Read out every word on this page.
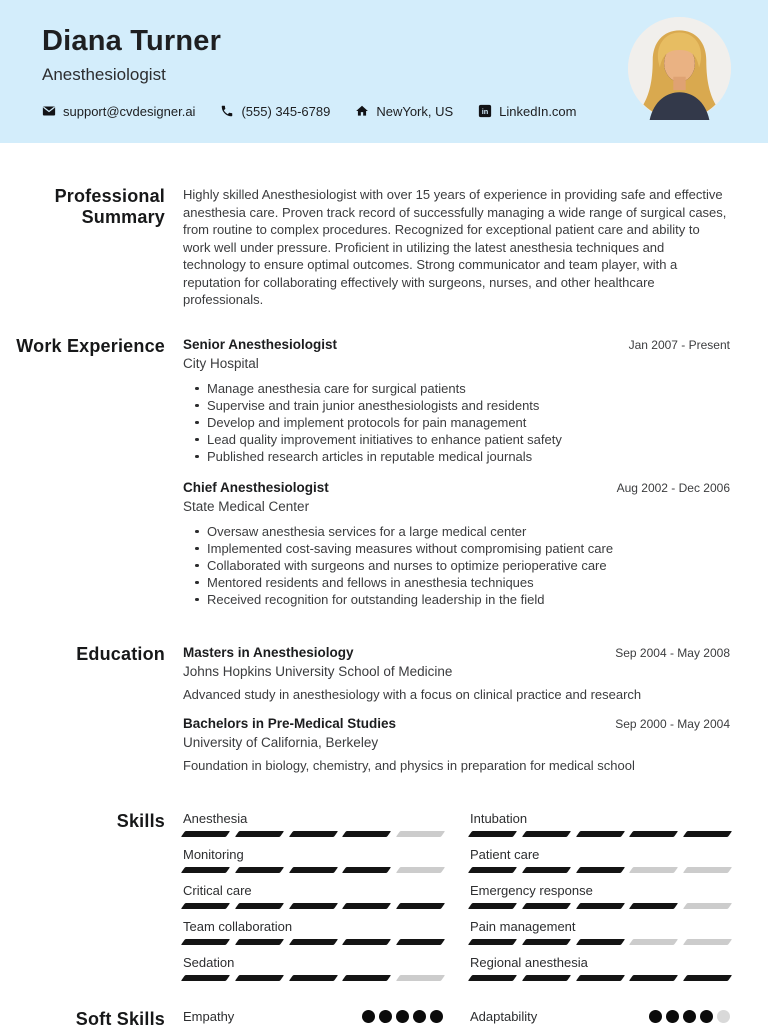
Diana Turner
Anesthesiologist
support@cvdesigner.ai	(555) 345-6789	NewYork, US	in LinkedIn.com
Professional Summary
Highly skilled Anesthesiologist with over 15 years of experience in providing safe and effective anesthesia care. Proven track record of successfully managing a wide range of surgical cases, from routine to complex procedures. Recognized for exceptional patient care and ability to work well under pressure. Proficient in utilizing the latest anesthesia techniques and technology to ensure optimal outcomes. Strong communicator and team player, with a reputation for collaborating effectively with surgeons, nurses, and other healthcare professionals.
Work Experience Senior Anesthesiologist	Jan 2007 - Present
City Hospital
Manage anesthesia care for surgical patients
Supervise and train junior anesthesiologists and residents
Develop and implement protocols for pain management
Lead quality improvement initiatives to enhance patient safety
Published research articles in reputable medical journals
Chief Anesthesiologist	Aug 2002 - Dec 2006
State Medical Center
Oversaw anesthesia services for a large medical center
Implemented cost-saving measures without compromising patient care
Collaborated with surgeons and nurses to optimize perioperative care
Mentored residents and fellows in anesthesia techniques
Received recognition for outstanding leadership in the field
Education Masters in Anesthesiology	Sep 2004 - May 2008
Johns Hopkins University School of Medicine
Advanced study in anesthesiology with a focus on clinical practice and research
Bachelors in Pre-Medical Studies	Sep 2000 - May 2004
University of California, Berkeley
Foundation in biology, chemistry, and physics in preparation for medical school
Skills Anesthesia	Intubation
Monitoring	Patient care
Critical care	Emergency response
Team collaboration	Pain management
Sedation	Regional anesthesia
Soft Skills Empathy	Adaptability
